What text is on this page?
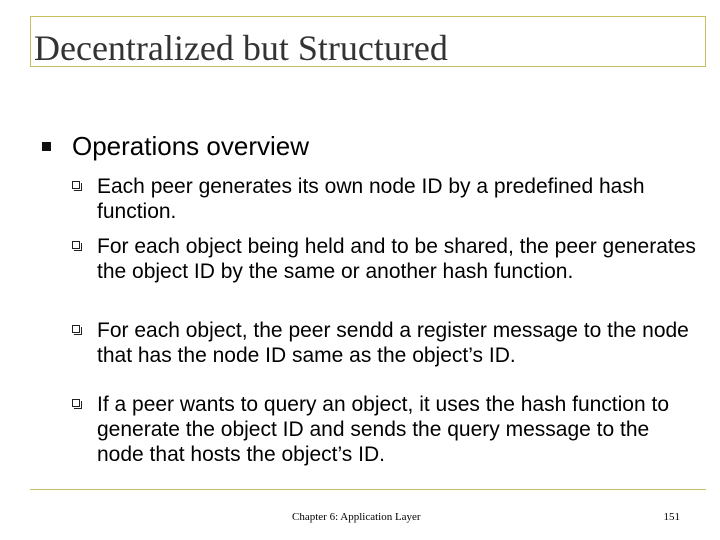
Decentralized but Structured
Operations overview
Each peer generates its own node ID by a predefined hash function.
For each object being held and to be shared, the peer generates the object ID by the same or another hash function.
For each object, the peer sendd a register message to the node that has the node ID same as the object’s ID.
If a peer wants to query an object, it uses the hash function to generate the object ID and sends the query message to the node that hosts the object’s ID.
Chapter 6: Application Layer	151
